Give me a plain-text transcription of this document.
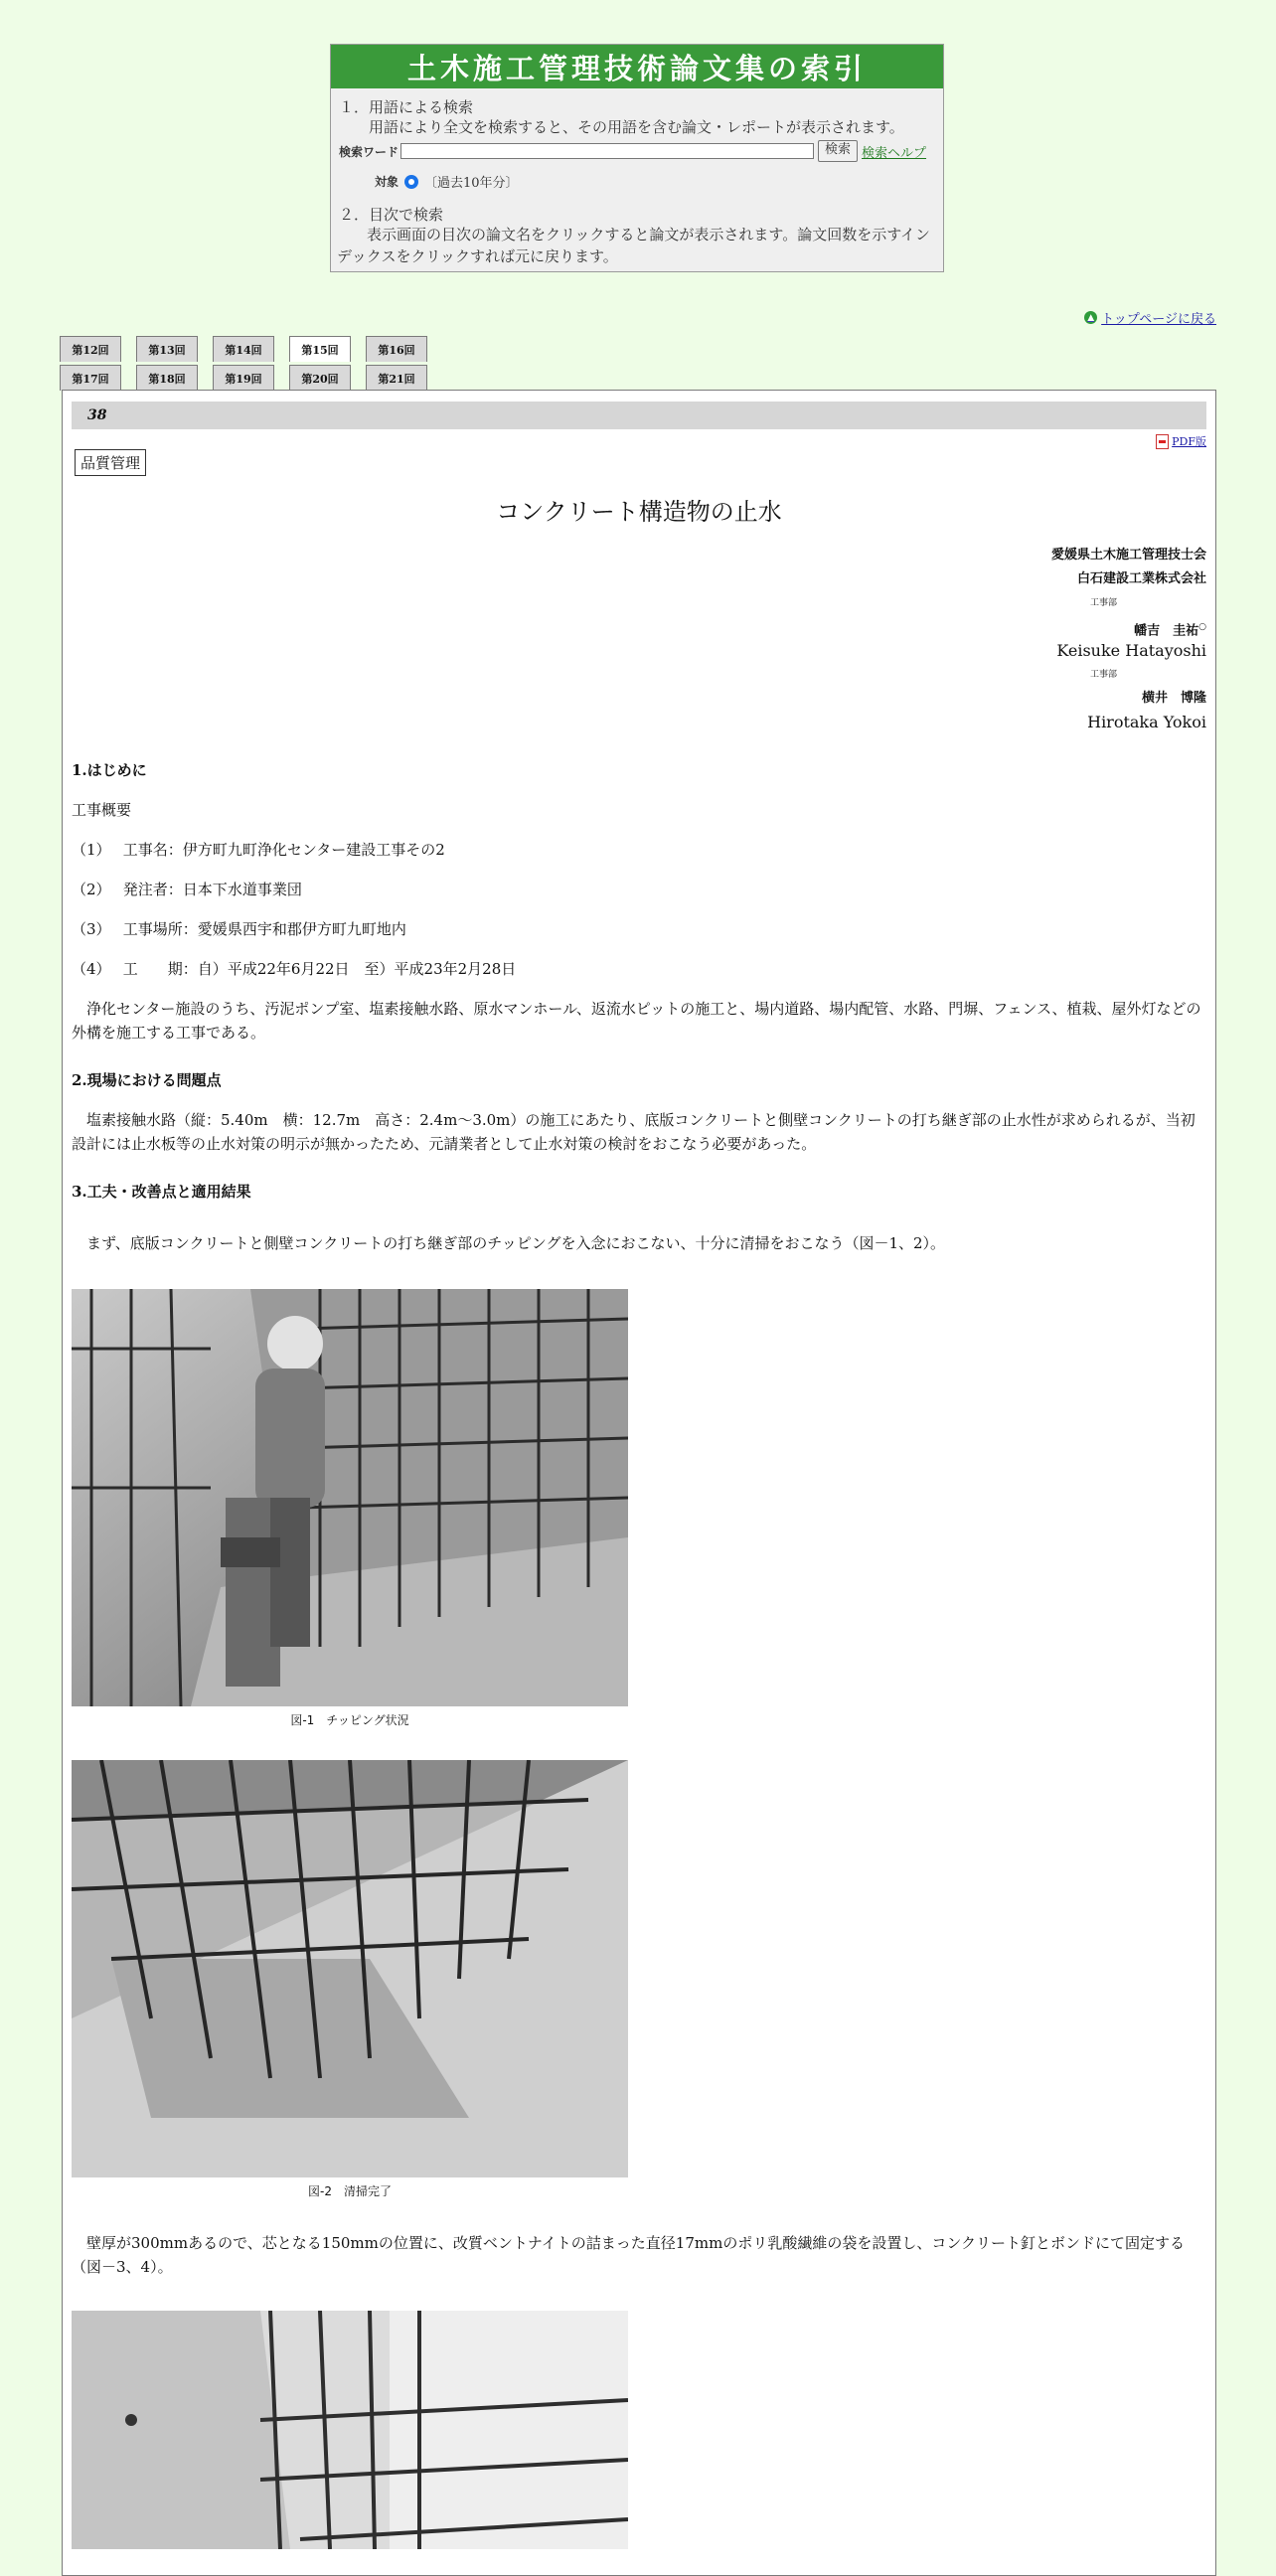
土木施工管理技術論文集の索引
１．用語による検索
用語により全文を検索すると、その用語を含む論文・レポートが表示されます。
検索ワード	検索 検索ヘルプ
対象 〔過去10年分〕
２．目次で検索
表示画面の目次の論文名をクリックすると論文が表示されます。論文回数を示すインデックスをクリックすれば元に戻ります。
▲ トップページに戻る
第12回	第13回	第14回	第15回	第16回
第17回	第18回	第19回	第20回	第21回
38
PDF版
品質管理
コンクリート構造物の止水
愛媛県土木施工管理技士会
白石建設工業株式会社
工事部
幡吉　圭祐○
Keisuke Hatayoshi
工事部
横井　博隆
Hirotaka Yokoi
1.はじめに
工事概要
（1）　 工事名：伊方町九町浄化センター建設工事その2
（2）　 発注者：日本下水道事業団
（3）　 工事場所：愛媛県西宇和郡伊方町九町地内
（4）　 工　　期：自）平成22年6月22日　至）平成23年2月28日
浄化センター施設のうち、汚泥ポンプ室、塩素接触水路、原水マンホール、返流水ピットの施工と、場内道路、場内配管、水路、門塀、フェンス、植栽、屋外灯などの外構を施工する工事である。
2.現場における問題点
塩素接触水路（縦：5.40m　横：12.7m　高さ：2.4m～3.0m）の施工にあたり、底版コンクリートと側壁コンクリートの打ち継ぎ部の止水性が求められるが、当初設計には止水板等の止水対策の明示が無かったため、元請業者として止水対策の検討をおこなう必要があった。
3.工夫・改善点と適用結果
まず、底版コンクリートと側壁コンクリートの打ち継ぎ部のチッピングを入念におこない、十分に清掃をおこなう（図－1、2）。
図-1　チッピング状況
図-2　清掃完了
壁厚が300mmあるので、芯となる150mmの位置に、改質ベントナイトの詰まった直径17mmのポリ乳酸繊維の袋を設置し、コンクリート釘とボンドにて固定する（図－3、4）。
